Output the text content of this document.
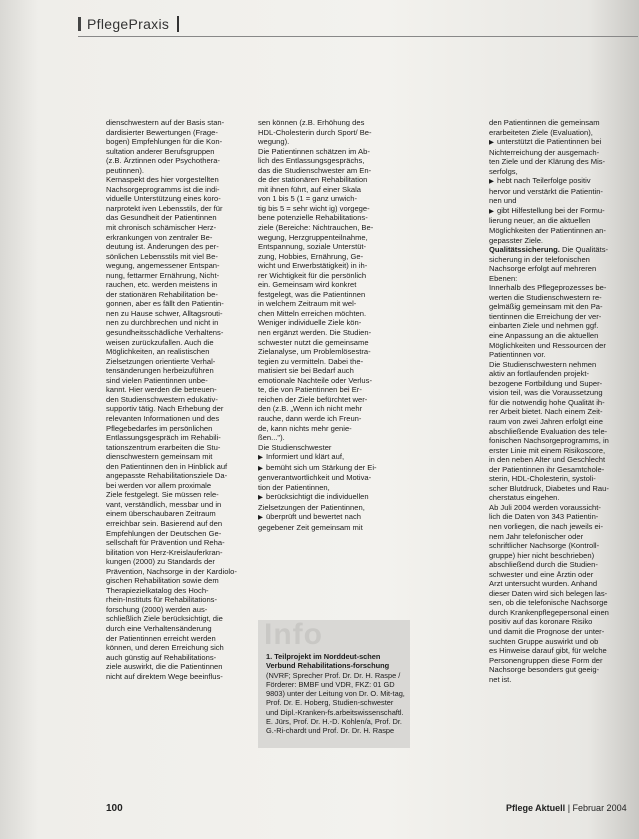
PflegePraxis
dienschwestern auf der Basis stan-
dardisierter Bewertungen (Frage-
bogen) Empfehlungen für die Kon-
sultation anderer Berufsgruppen
(z.B. Ärztinnen oder Psychothera-
peutinnen).
Kernaspekt des hier vorgestellten
Nachsorgeprogramms ist die indi-
viduelle Unterstützung eines koro-
narprotekt iven Lebensstils, der für
das Gesundheit der Patientinnen
mit chronisch schämischer Herz-
erkrankungen von zentraler Be-
deutung ist. Änderungen des per-
sönlichen Lebensstils mit viel Be-
wegung, angemessener Entspan-
nung, fettarmer Ernährung, Nicht-
rauchen, etc. werden meistens in
der stationären Rehabilitation be-
gonnen, aber es fällt den Patientin-
nen zu Hause schwer, Alltagsrouti-
nen zu durchbrechen und nicht in
gesundheitsschädliche Verhaltens-
weisen zurückzufallen. Auch die
Möglichkeiten, an realistischen
Zielsetzungen orientierte Verhal-
tensänderungen herbeizuführen
sind vielen Patientinnen unbe-
kannt. Hier werden die betreuen-
den Studienschwestern edukativ-
supportiv tätig. Nach Erhebung der
relevanten Informationen und des
Pflegebedarfes im persönlichen
Entlassungsgespräch im Rehabili-
tationszentrum erarbeiten die Stu-
dienschwestern gemeinsam mit
den Patientinnen den in Hinblick auf
angepasste Rehabilitationsziele Da-
bei werden vor allem proximale
Ziele festgelegt. Sie müssen rele-
vant, verständlich, messbar und in
einem überschaubaren Zeitraum
erreichbar sein. Basierend auf den
Empfehlungen der Deutschen Ge-
sellschaft für Prävention und Reha-
bilitation von Herz-Kreislauferkran-
kungen (2000) zu Standards der
Prävention, Nachsorge in der Kardiolo-
gischen Rehabilitation sowie dem
Therapiezielkatalog des Hoch-
rhein-Instituts für Rehabilitations-
forschung (2000) werden aus-
schließlich Ziele berücksichtigt, die
durch eine Verhaltensänderung
der Patientinnen erreicht werden
können, und deren Erreichung sich
auch günstig auf Rehabilitations-
ziele auswirkt, die die Patientinnen
nicht auf direktem Wege beeinflus-
sen können (z.B. Erhöhung des
HDL-Cholesterin durch Sport/ Be-
wegung).
Die Patientinnen schätzen im Ab-
lich des Entlassungsgesprächs,
das die Studienschwester am En-
de der stationären Rehabilitation
mit ihnen führt, auf einer Skala
von 1 bis 5 (1 = ganz unwich-
tig bis 5 = sehr wicht ig) vorgege-
bene potenzielle Rehabilitations-
ziele (Bereiche: Nichtrauchen, Be-
wegung, Herzgruppenteilnahme,
Entspannung, soziale Unterstüt-
zung, Hobbies, Ernährung, Ge-
wicht und Erwerbstätigkeit) in ih-
rer Wichtigkeit für die persönlich
ein. Gemeinsam wird konkret
festgelegt, was die Patientinnen
in welchem Zeitraum mit wel-
chen Mitteln erreichen möchten.
Weniger individuelle Ziele kön-
nen ergänzt werden. Die Studien-
schwester nutzt die gemeinsame
Zielanalyse, um Problemlösestra-
tegien zu vermitteln. Dabei the-
matisiert sie bei Bedarf auch
emotionale Nachteile oder Verlus-
te, die von Patientinnen bei Er-
reichen der Ziele befürchtet wer-
den (z.B. „Wenn ich nicht mehr
rauche, dann werde ich Freun-
de, kann nichts mehr genie-
ßen...").
Die Studienschwester
▶ Informiert und klärt auf,
▶ bemüht sich um Stärkung der Ei-
genverantwortlichkeit und Motiva-
tion der Patientinnen,
▶ berücksichtigt die individuellen
Zielsetzungen der Patientinnen,
▶ überprüft und bewertet nach
gegebener Zeit gemeinsam mit
den Patientinnen die gemeinsam
erarbeiteten Ziele (Evaluation),
▶ unterstützt die Patientinnen bei
Nichterreichung der ausgemach-
ten Ziele und der Klärung des Mis-
serfolgs,
▶ hebt nach Teilerfolge positiv
hervor und verstärkt die Patientin-
nen und
▶ gibt Hilfestellung bei der Formu-
lierung neuer, an die aktuellen
Möglichkeiten der Patientinnen an-
gepasster Ziele.
Qualitätssicherung. Die Qualitäts-
sicherung in der telefonischen
Nachsorge erfolgt auf mehreren
Ebenen:
Innerhalb des Pflegeprozesses be-
werten die Studienschwestern re-
gelmäßig gemeinsam mit den Pa-
tientinnen die Erreichung der ver-
einbarten Ziele und nehmen ggf.
eine Anpassung an die aktuellen
Möglichkeiten und Ressourcen der
Patientinnen vor.
Die Studienschwestern nehmen
aktiv an fortlaufenden projekt-
bezogene Fortbildung und Super-
vision teil, was die Voraussetzung
für die notwendig hohe Qualität ih-
rer Arbeit bietet. Nach einem Zeit-
raum von zwei Jahren erfolgt eine
abschließende Evaluation des tele-
fonischen Nachsorgeprogramms, in
erster Linie mit einem Risikoscore,
in den neben Alter und Geschlecht
der Patientinnen ihr Gesamtchole-
sterin, HDL-Cholesterin, systoli-
scher Blutdruck, Diabetes und Rau-
cherstatus eingehen.
Ab Juli 2004 werden voraussicht-
lich die Daten von 343 Patientin-
nen vorliegen, die nach jeweils ei-
nem Jahr telefonischer oder
schriftlicher Nachsorge (Kontroll-
gruppe) hier nicht beschrieben)
abschließend durch die Studien-
schwester und eine Ärztin oder
Arzt untersucht wurden. Anhand
dieser Daten wird sich belegen las-
sen, ob die telefonische Nachsorge
durch Krankenpflegepersonal einen
positiv auf das koronare Risiko
und damit die Prognose der unter-
suchten Gruppe auswirkt und ob
es Hinweise darauf gibt, für welche
Personengruppen diese Form der
Nachsorge besonders gut geeig-
net ist.
Info
1. Teilprojekt im Norddeut-schen Verbund Rehabilitations-forschung (NVRF; Sprecher Prof. Dr. Dr. H. Raspe / Förderer: BMBF und VDR, FKZ: 01 GD 9803) unter der Leitung von Dr. O. Mit-tag, Prof. Dr. E. Hoberg, Studien-schwester und Dipl.-Kranken-fs.arbeitswissenschaftl. E. Jürs, Prof. Dr. H.-D. Kohlen/a, Prof. Dr. G.-Ri-chardt und Prof. Dr. Dr. H. Raspe
100	Pflege Aktuell | Februar 2004
